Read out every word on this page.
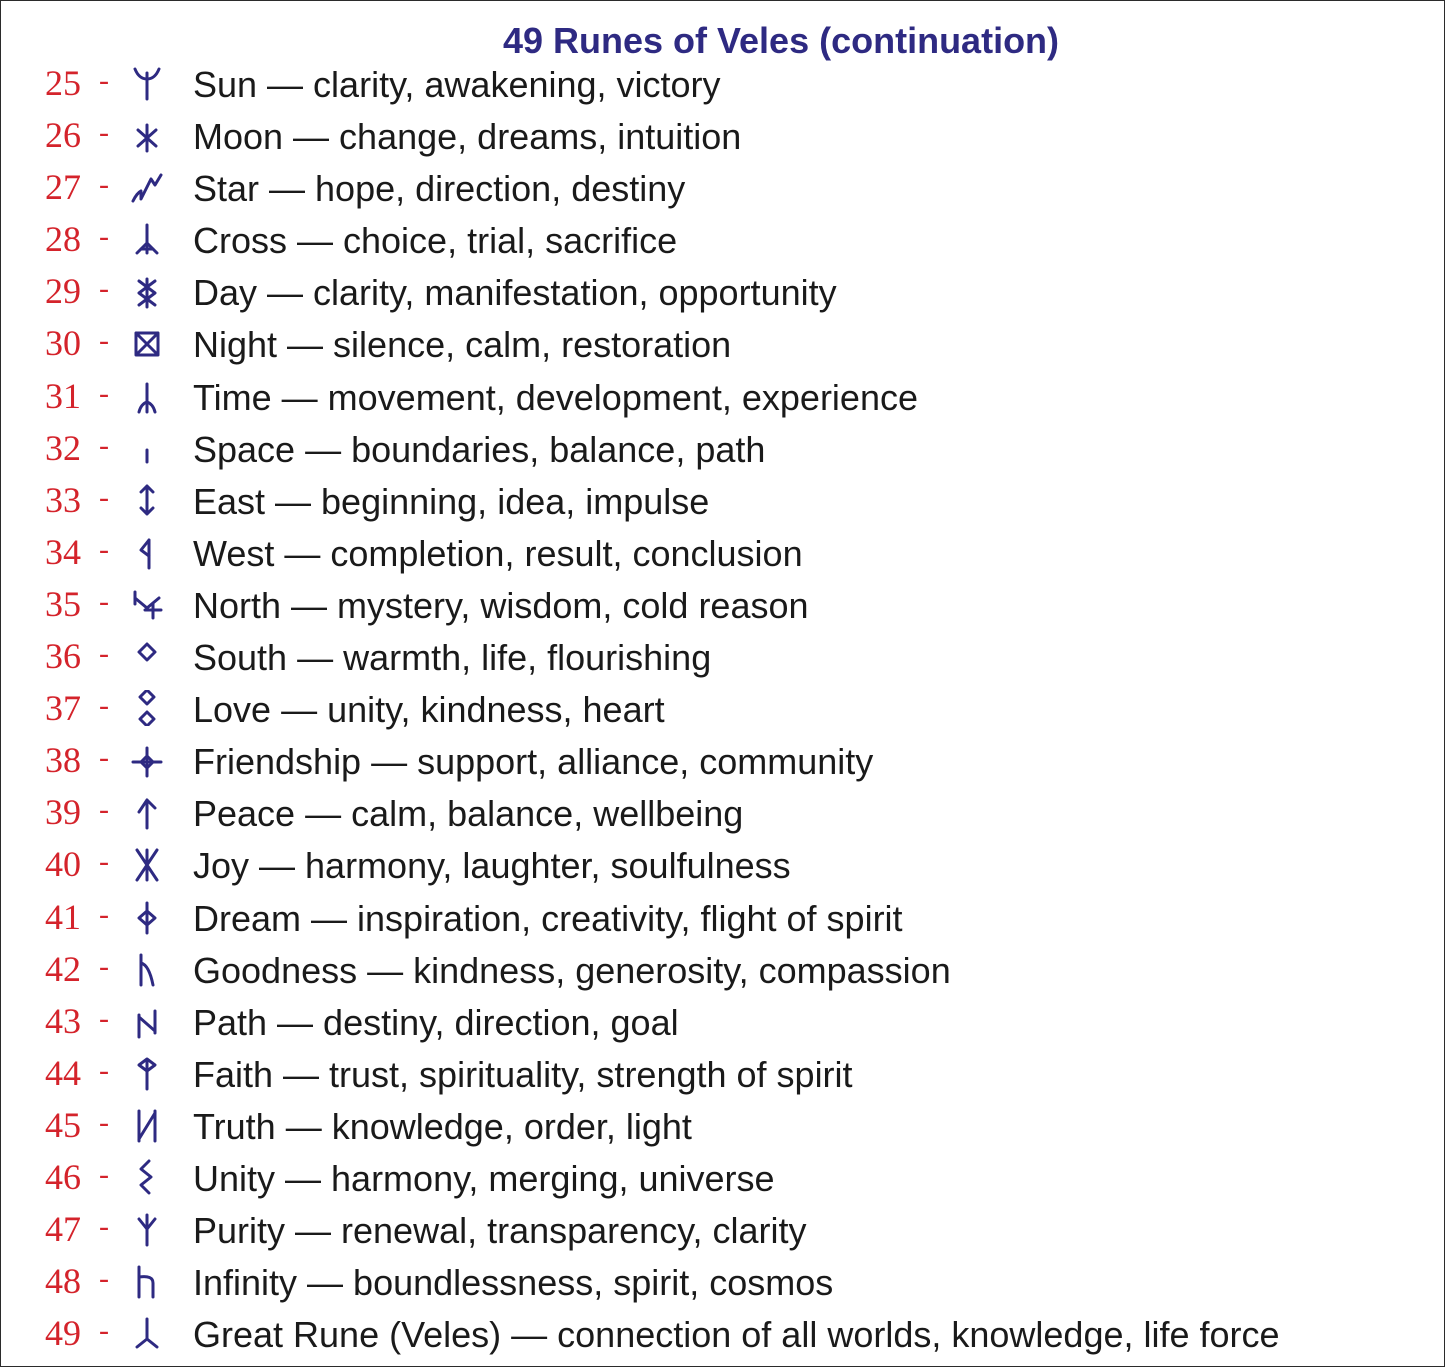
49 Runes of Veles (continuation)
25 - Sun — clarity, awakening, victory
26 - Moon — change, dreams, intuition
27 - Star — hope, direction, destiny
28 - Cross — choice, trial, sacrifice
29 - Day — clarity, manifestation, opportunity
30 - Night — silence, calm, restoration
31 - Time — movement, development, experience
32 - Space — boundaries, balance, path
33 - East — beginning, idea, impulse
34 - West — completion, result, conclusion
35 - North — mystery, wisdom, cold reason
36 - South — warmth, life, flourishing
37 - Love — unity, kindness, heart
38 - Friendship — support, alliance, community
39 - Peace — calm, balance, wellbeing
40 - Joy — harmony, laughter, soulfulness
41 - Dream — inspiration, creativity, flight of spirit
42 - Goodness — kindness, generosity, compassion
43 - Path — destiny, direction, goal
44 - Faith — trust, spirituality, strength of spirit
45 - Truth — knowledge, order, light
46 - Unity — harmony, merging, universe
47 - Purity — renewal, transparency, clarity
48 - Infinity — boundlessness, spirit, cosmos
49 - Great Rune (Veles) — connection of all worlds, knowledge, life force
